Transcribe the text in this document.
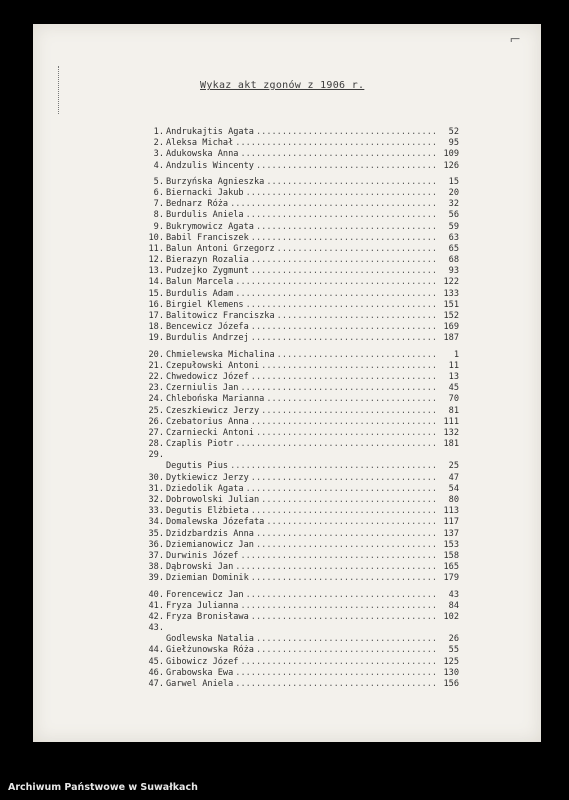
⌐
Wykaz akt zgonów z 1906 r.
1. Andrukajtis Agata .....	52
2. Aleksa Michał .....	95
3. Adukowska Anna .....	109
4. Andzulis Wincenty .....	126
5. Burzyńska Agnieszka .....	15
6. Biernacki Jakub .....	20
7. Bednarz Róża .....	32
8. Burdulis Aniela .....	56
9. Bukrymowicz Agata .....	59
10. Babil Franciszek .....	63
11. Balun Antoni Grzegorz .....	65
12. Bierazyn Rozalia .....	68
13. Pudzejko Zygmunt .....	93
14. Balun Marcela .....	122
15. Burdulis Adam .....	133
16. Birgiel Klemens .....	151
17. Balitowicz Franciszka .....	152
18. Bencewicz Józefa .....	169
19. Burdulis Andrzej .....	187
20. Chmielewska Michalina .....	1
21. Czepułowski Antoni .....	11
22. Chwedowicz Józef .....	13
23. Czerniulis Jan .....	45
24. Chlebońska Marianna .....	70
25. Czeszkiewicz Jerzy .....	81
26. Czebatorius Anna .....	111
27. Czarniecki Antoni .....	132
28. Czaplis Piotr .....	181
29.
Degutis Pius .....	25
30. Dytkiewicz Jerzy .....	47
31. Dziedolik Agata .....	54
32. Dobrowolski Julian .....	80
33. Degutis Elżbieta .....	113
34. Domalewska Józefata .....	117
35. Dzidzbardzis Anna .....	137
36. Dziemianowicz Jan .....	153
37. Durwinis Józef .....	158
38. Dąbrowski Jan .....	165
39. Dziemian Dominik .....	179
40. Forencewicz Jan .....	43
41. Fryza Julianna .....	84
42. Fryza Bronisława .....	102
43.
Godlewska Natalia .....	26
44. Giełżunowska Róża .....	55
45. Gibowicz Józef .....	125
46. Grabowska Ewa .....	130
47. Garwel Aniela .....	156
Archiwum Państwowe w Suwałkach
